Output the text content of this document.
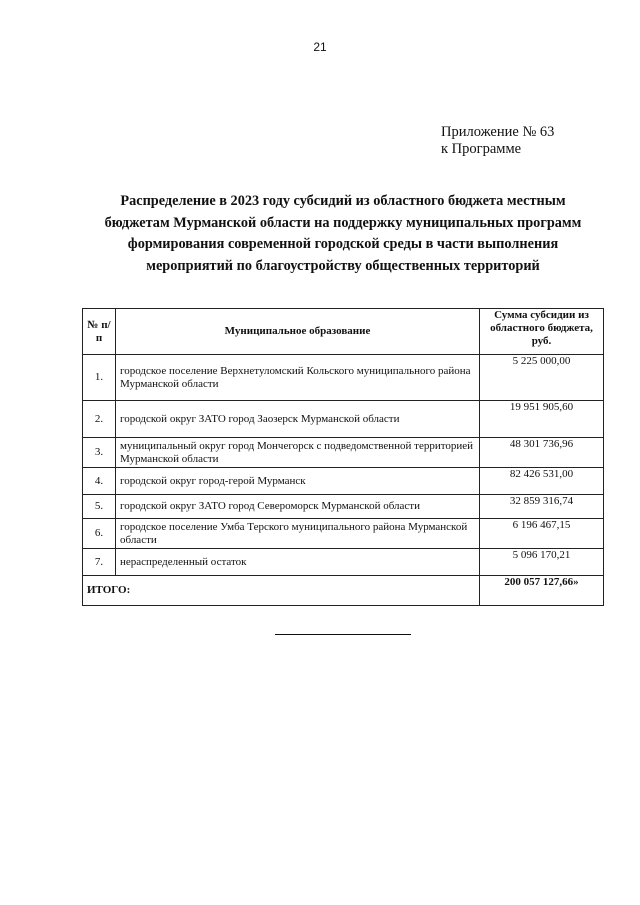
21
Приложение № 63
к Программе
Распределение в 2023 году субсидий из областного бюджета местным бюджетам Мурманской области на поддержку муниципальных программ формирования современной городской среды в части выполнения мероприятий по благоустройству общественных территорий
№ п/п	Муниципальное образование	Сумма субсидии из областного бюджета, руб.
1.	городское поселение Верхнетуломский Кольского муниципального района Мурманской области	5 225 000,00
2.	городской округ ЗАТО город Заозерск Мурманской области	19 951 905,60
3.	муниципальный округ город Мончегорск с подведомственной территорией Мурманской области	48 301 736,96
4.	городской округ город-герой Мурманск	82 426 531,00
5.	городской округ ЗАТО город Североморск Мурманской области	32 859 316,74
6.	городское поселение Умба Терского муниципального района Мурманской области	6 196 467,15
7.	нераспределенный остаток	5 096 170,21
ИТОГО:		200 057 127,66»
